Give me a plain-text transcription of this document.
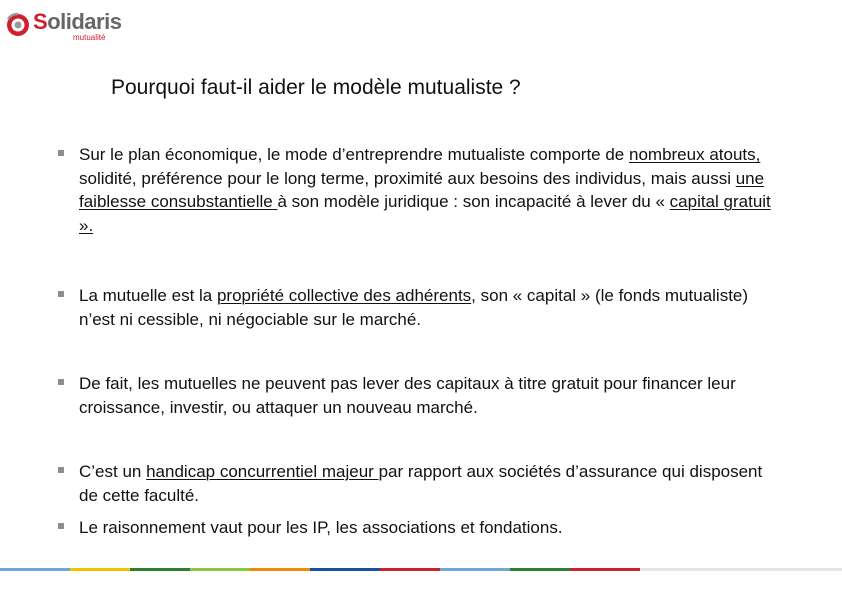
Solidaris
mutualité
Pourquoi faut-il aider le modèle mutualiste ?
Sur le plan économique, le mode d’entreprendre mutualiste comporte de nombreux atouts, solidité, préférence pour le long terme, proximité aux besoins des individus, mais aussi une faiblesse consubstantielle à son modèle juridique : son incapacité à lever du « capital gratuit ».
La mutuelle est la propriété collective des adhérents, son « capital » (le fonds mutualiste) n’est ni cessible, ni négociable sur le marché.
De fait, les mutuelles ne peuvent pas lever des capitaux à titre gratuit pour financer leur croissance, investir, ou attaquer un nouveau marché.
C’est un handicap concurrentiel majeur par rapport aux sociétés d’assurance qui disposent de cette faculté.
Le raisonnement vaut pour les IP, les associations et fondations.
